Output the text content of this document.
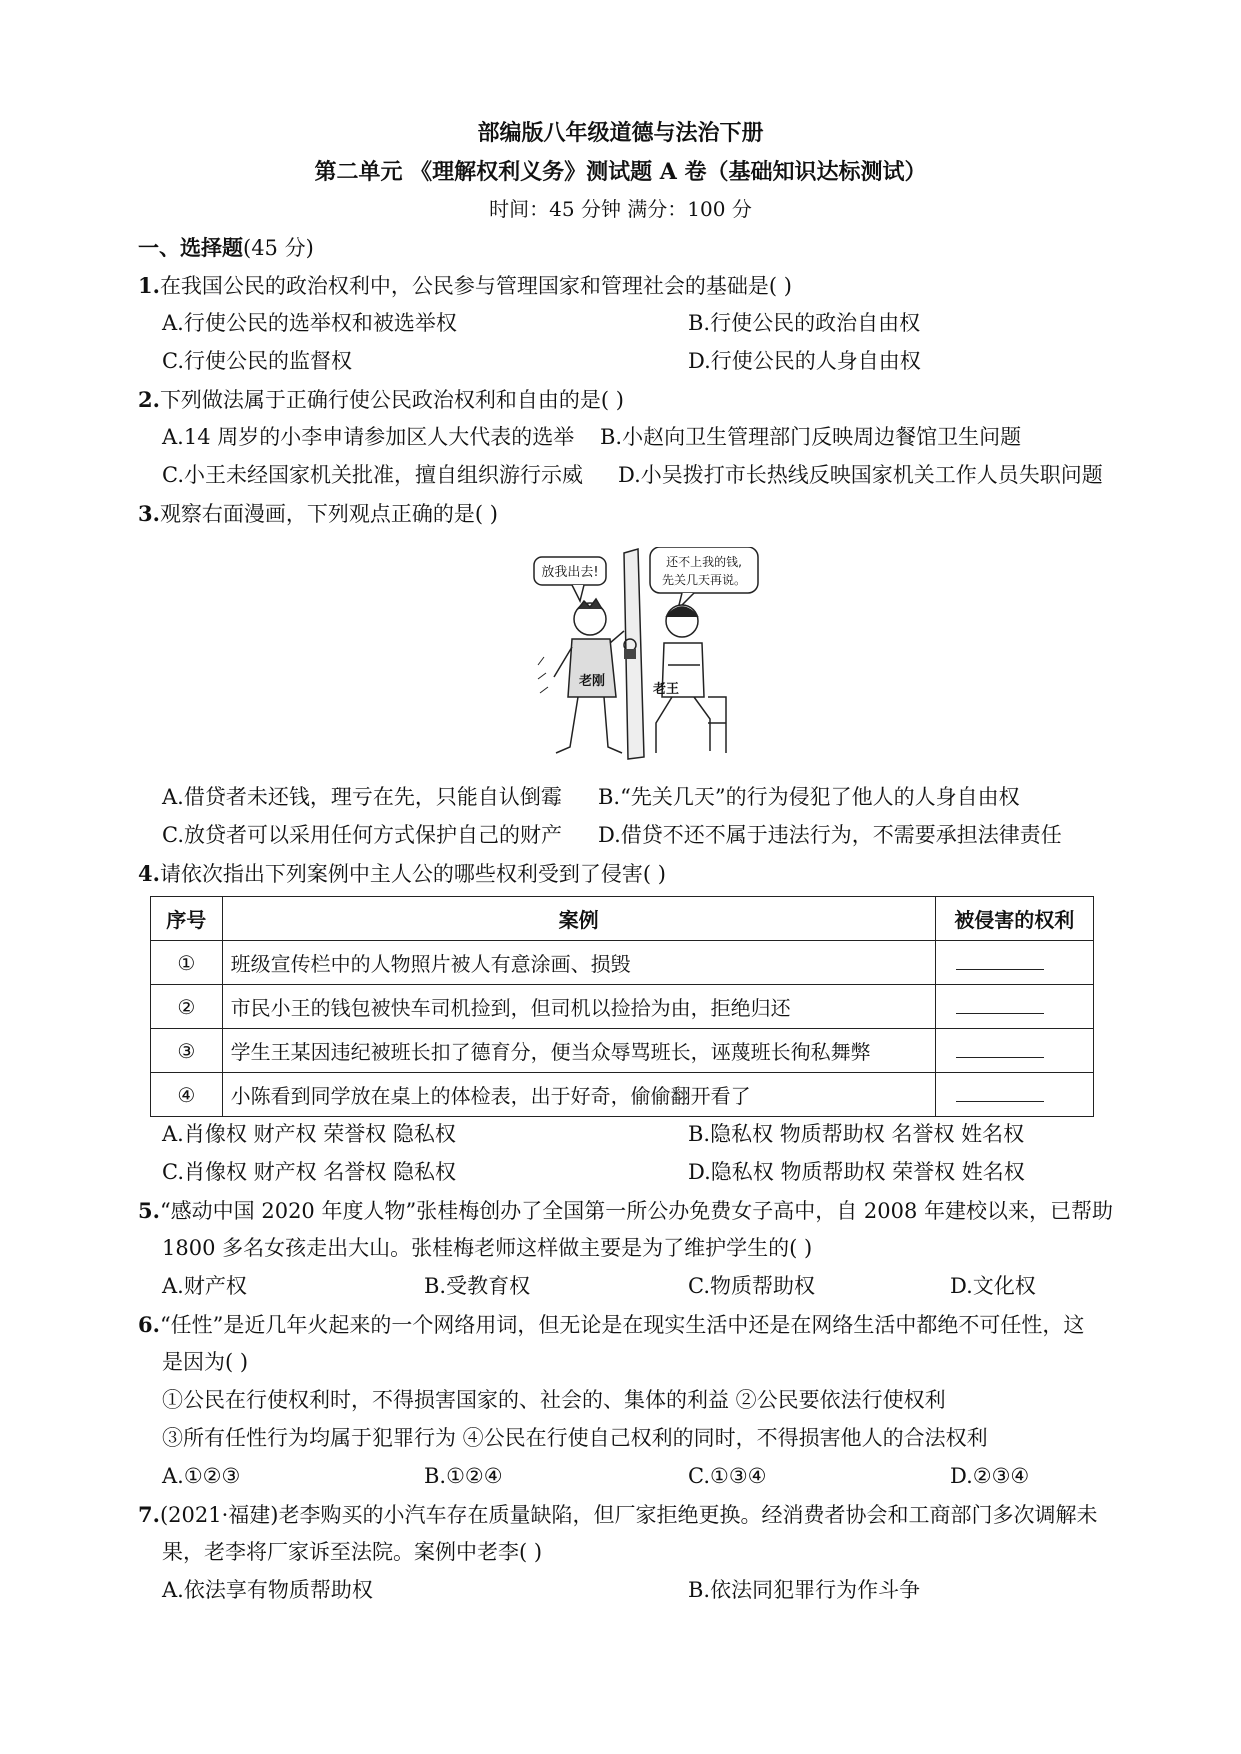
部编版八年级道德与法治下册
第二单元 《理解权利义务》测试题 A 卷（基础知识达标测试）
时间：45 分钟 满分：100 分
一、选择题(45 分)
1.在我国公民的政治权利中，公民参与管理国家和管理社会的基础是( )
A.行使公民的选举权和被选举权	B.行使公民的政治自由权
C.行使公民的监督权	D.行使公民的人身自由权
2.下列做法属于正确行使公民政治权利和自由的是( )
A.14 周岁的小李申请参加区人大代表的选举 B.小赵向卫生管理部门反映周边餐馆卫生问题
C.小王未经国家机关批准，擅自组织游行示威 D.小吴拨打市长热线反映国家机关工作人员失职问题
3.观察右面漫画，下列观点正确的是( )
放我出去!
还不上我的钱,
先关几天再说。
老刚
老王
A.借贷者未还钱，理亏在先，只能自认倒霉 B.“先关几天”的行为侵犯了他人的人身自由权
C.放贷者可以采用任何方式保护自己的财产 D.借贷不还不属于违法行为，不需要承担法律责任
4.请依次指出下列案例中主人公的哪些权利受到了侵害( )
序号	案例	被侵害的权利
①	班级宣传栏中的人物照片被人有意涂画、损毁	
②	市民小王的钱包被快车司机捡到，但司机以捡拾为由，拒绝归还	
③	学生王某因违纪被班长扣了德育分，便当众辱骂班长，诬蔑班长徇私舞弊	
④	小陈看到同学放在桌上的体检表，出于好奇，偷偷翻开看了	
A.肖像权 财产权 荣誉权 隐私权	B.隐私权 物质帮助权 名誉权 姓名权
C.肖像权 财产权 名誉权 隐私权	D.隐私权 物质帮助权 荣誉权 姓名权
5.“感动中国 2020 年度人物”张桂梅创办了全国第一所公办免费女子高中，自 2008 年建校以来，已帮助
1800 多名女孩走出大山。张桂梅老师这样做主要是为了维护学生的( )
A.财产权	B.受教育权	C.物质帮助权	D.文化权
6.“任性”是近几年火起来的一个网络用词，但无论是在现实生活中还是在网络生活中都绝不可任性，这
是因为( )
①公民在行使权利时，不得损害国家的、社会的、集体的利益 ②公民要依法行使权利
③所有任性行为均属于犯罪行为 ④公民在行使自己权利的同时，不得损害他人的合法权利
A.①②③	B.①②④	C.①③④	D.②③④
7.(2021·福建)老李购买的小汽车存在质量缺陷，但厂家拒绝更换。经消费者协会和工商部门多次调解未
果，老李将厂家诉至法院。案例中老李( )
A.依法享有物质帮助权	B.依法同犯罪行为作斗争
